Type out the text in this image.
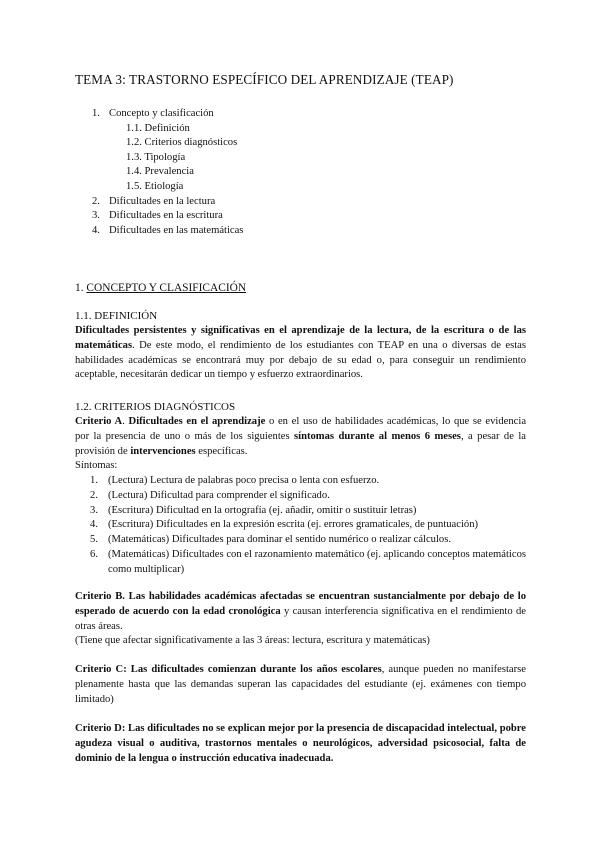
TEMA 3: TRASTORNO ESPECÍFICO DEL APRENDIZAJE (TEAP)
1. Concepto y clasificación
1.1. Definición
1.2. Criterios diagnósticos
1.3. Tipología
1.4. Prevalencia
1.5. Etiología
2. Dificultades en la lectura
3. Dificultades en la escritura
4. Dificultades en las matemáticas
1. CONCEPTO Y CLASIFICACIÓN
1.1. DEFINICIÓN
Dificultades persistentes y significativas en el aprendizaje de la lectura, de la escritura o de las matemáticas. De este modo, el rendimiento de los estudiantes con TEAP en una o diversas de estas habilidades académicas se encontrará muy por debajo de su edad o, para conseguir un rendimiento aceptable, necesitarán dedicar un tiempo y esfuerzo extraordinarios.
1.2. CRITERIOS DIAGNÓSTICOS
Criterio A. Dificultades en el aprendizaje o en el uso de habilidades académicas, lo que se evidencia por la presencia de uno o más de los siguientes síntomas durante al menos 6 meses, a pesar de la provisión de intervenciones específicas.
Síntomas:
1. (Lectura) Lectura de palabras poco precisa o lenta con esfuerzo.
2. (Lectura) Dificultad para comprender el significado.
3. (Escritura) Dificultad en la ortografía (ej. añadir, omitir o sustituir letras)
4. (Escritura) Dificultades en la expresión escrita (ej. errores gramaticales, de puntuación)
5. (Matemáticas) Dificultades para dominar el sentido numérico o realizar cálculos.
6. (Matemáticas) Dificultades con el razonamiento matemático (ej. aplicando conceptos matemáticos como multiplicar)
Criterio B. Las habilidades académicas afectadas se encuentran sustancialmente por debajo de lo esperado de acuerdo con la edad cronológica y causan interferencia significativa en el rendimiento de otras áreas.
(Tiene que afectar significativamente a las 3 áreas: lectura, escritura y matemáticas)
Criterio C: Las dificultades comienzan durante los años escolares, aunque pueden no manifestarse plenamente hasta que las demandas superan las capacidades del estudiante (ej. exámenes con tiempo limitado)
Criterio D: Las dificultades no se explican mejor por la presencia de discapacidad intelectual, pobre agudeza visual o auditiva, trastornos mentales o neurológicos, adversidad psicosocial, falta de dominio de la lengua o instrucción educativa inadecuada.
